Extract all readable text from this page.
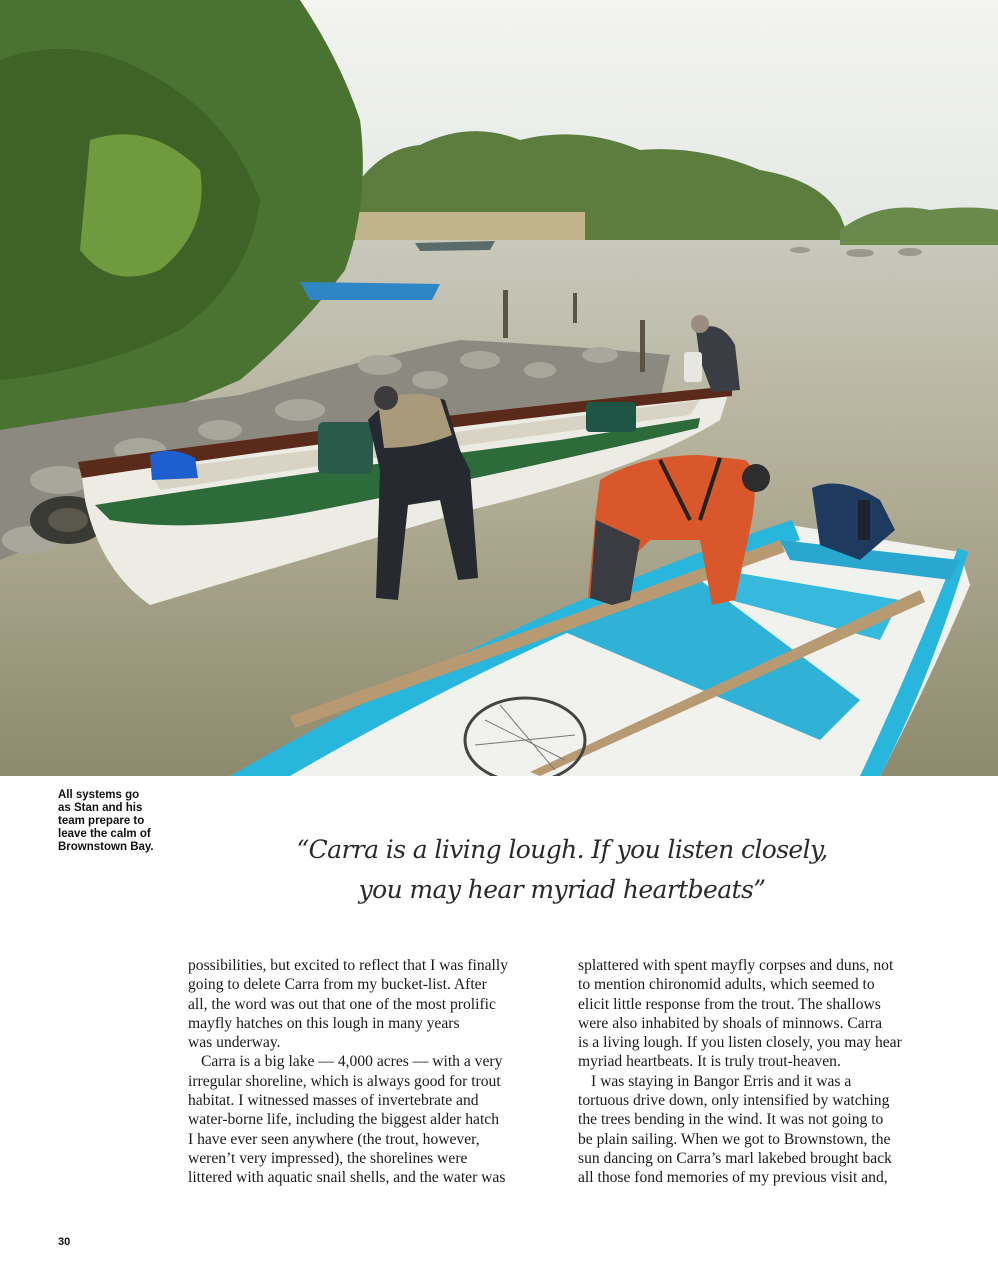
All systems go
as Stan and his
team prepare to
leave the calm of
Brownstown Bay.	“Carra is a living lough. If you listen closely,
you may hear myriad heartbeats”
possibilities, but excited to reflect that I was finally
going to delete Carra from my bucket-list. After
all, the word was out that one of the most prolific
mayfly hatches on this lough in many years
was underway.
Carra is a big lake — 4,000 acres — with a very
irregular shoreline, which is always good for trout
habitat. I witnessed masses of invertebrate and
water-borne life, including the biggest alder hatch
I have ever seen anywhere (the trout, however,
weren’t very impressed), the shorelines were
littered with aquatic snail shells, and the water was
splattered with spent mayfly corpses and duns, not
to mention chironomid adults, which seemed to
elicit little response from the trout. The shallows
were also inhabited by shoals of minnows. Carra
is a living lough. If you listen closely, you may hear
myriad heartbeats. It is truly trout-heaven.
I was staying in Bangor Erris and it was a
tortuous drive down, only intensified by watching
the trees bending in the wind. It was not going to
be plain sailing. When we got to Brownstown, the
sun dancing on Carra’s marl lakebed brought back
all those fond memories of my previous visit and,
30
